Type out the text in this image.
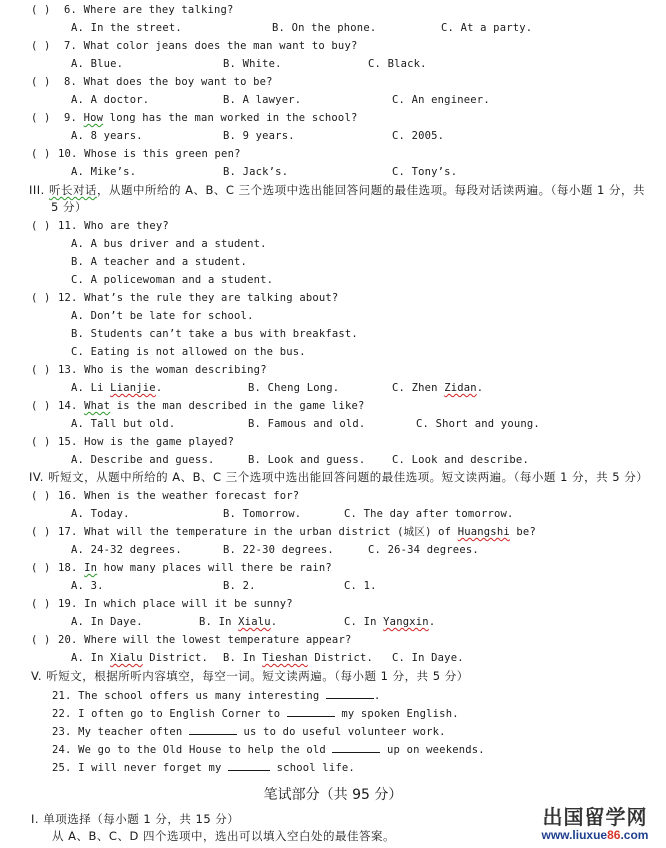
( ) 6. Where are they talking?
A. In the street.	B. On the phone.	C. At a party.
( ) 7. What color jeans does the man want to buy?
A. Blue.	B. White.	C. Black.
( ) 8. What does the boy want to be?
A. A doctor.	B. A lawyer.	C. An engineer.
( ) 9. How long has the man worked in the school?
A. 8 years.	B. 9 years.	C. 2005.
( ) 10. Whose is this green pen?
A. Mike’s.	B. Jack’s.	C. Tony’s.
III. 听长对话，从题中所给的 A、B、C 三个选项中选出能回答问题的最佳选项。每段对话读两遍。（每小题 1 分，共
5 分）
( ) 11. Who are they?
A. A bus driver and a student.
B. A teacher and a student.
C. A policewoman and a student.
( ) 12. What’s the rule they are talking about?
A. Don’t be late for school.
B. Students can’t take a bus with breakfast.
C. Eating is not allowed on the bus.
( ) 13. Who is the woman describing?
A. Li Lianjie.	B. Cheng Long.	C. Zhen Zidan.
( ) 14. What is the man described in the game like?
A. Tall but old.	B. Famous and old.	C. Short and young.
( ) 15. How is the game played?
A. Describe and guess.	B. Look and guess.	C. Look and describe.
IV. 听短文，从题中所给的 A、B、C 三个选项中选出能回答问题的最佳选项。短文读两遍。（每小题 1 分，共 5 分）
( ) 16. When is the weather forecast for?
A. Today.	B. Tomorrow.	C. The day after tomorrow.
( ) 17. What will the temperature in the urban district (城区) of Huangshi be?
A. 24-32 degrees.	B. 22-30 degrees.	C. 26-34 degrees.
( ) 18. In how many places will there be rain?
A. 3.	B. 2.	C. 1.
( ) 19. In which place will it be sunny?
A. In Daye.	B. In Xialu.	C. In Yangxin.
( ) 20. Where will the lowest temperature appear?
A. In Xialu District. B. In Tieshan District. C. In Daye.
V. 听短文，根据所听内容填空，每空一词。短文读两遍。（每小题 1 分，共 5 分）
21. The school offers us many interesting	.
22. I often go to English Corner to	my spoken English.
23. My teacher often	us to do useful volunteer work.
24. We go to the Old House to help the old	up on weekends.
25. I will never forget my	school life.
笔试部分（共 95 分）
I. 单项选择（每小题 1 分，共 15 分）
从 A、B、C、D 四个选项中，选出可以填入空白处的最佳答案。
出国留学网
www.liuxue86.com
